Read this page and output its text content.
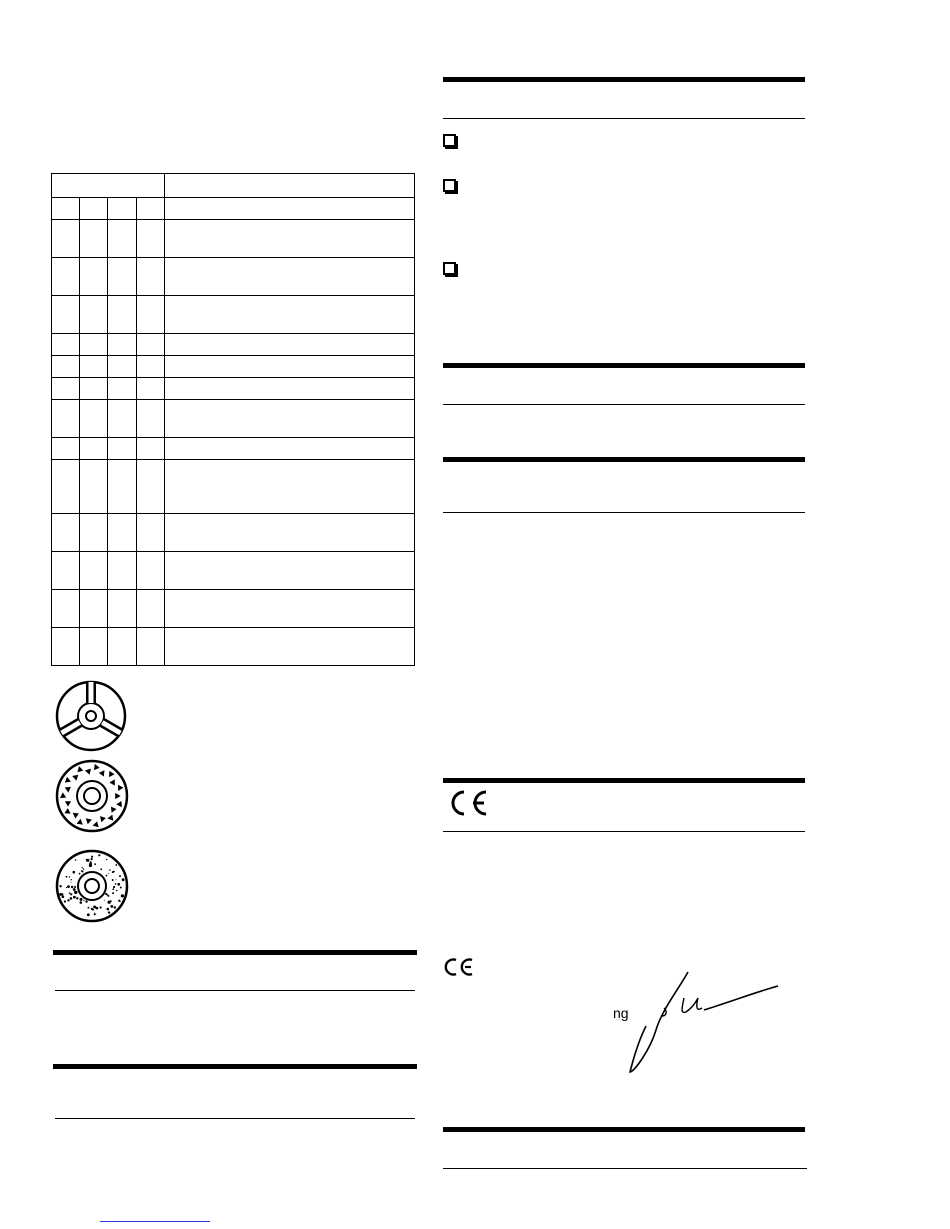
ng
